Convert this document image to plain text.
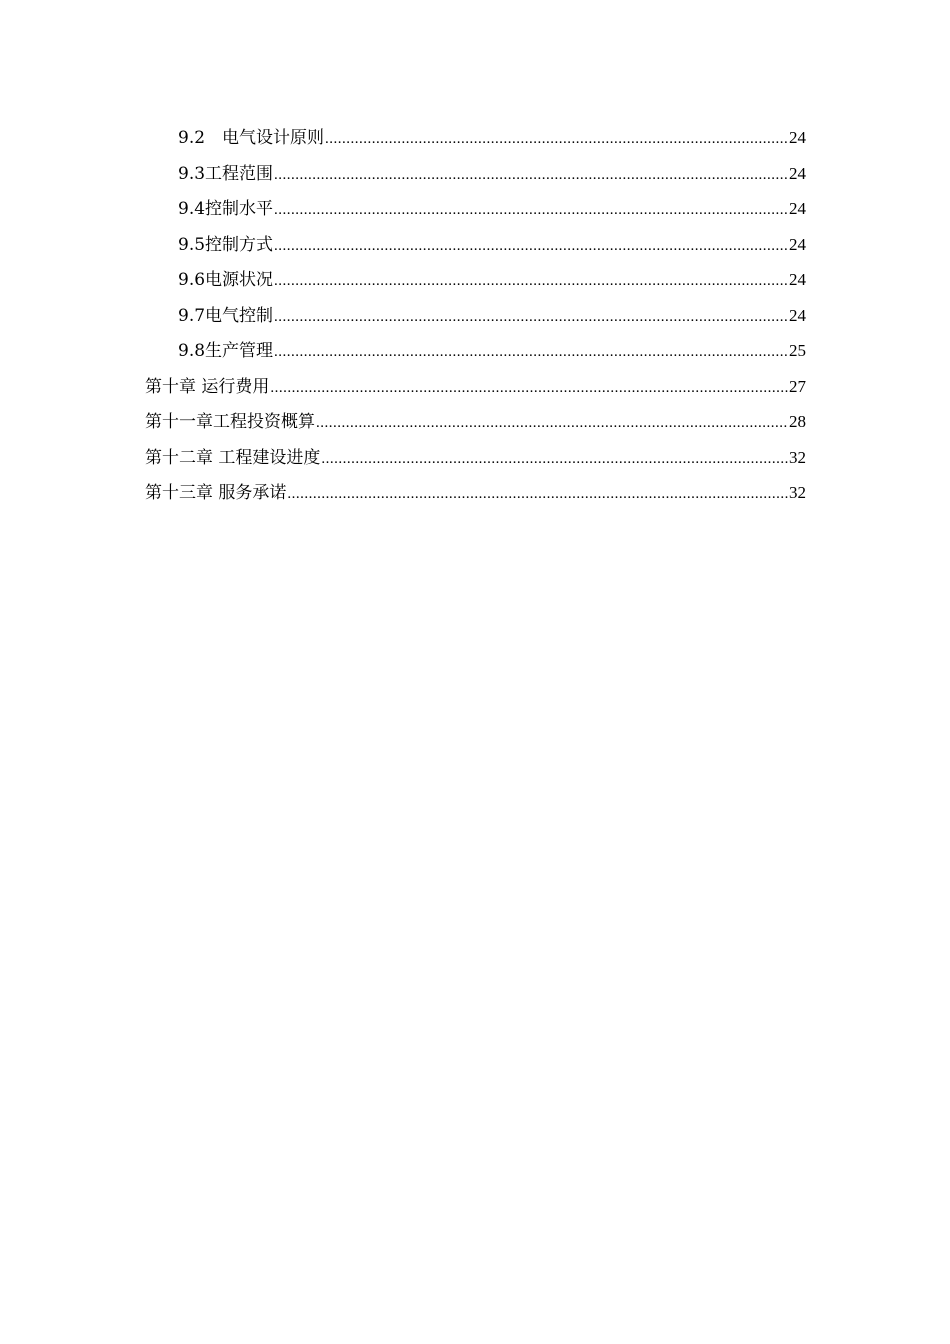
9.2　电气设计原则 .....	24
9.3工程范围 .....	24
9.4控制水平 .....	24
9.5控制方式 .....	24
9.6电源状况 .....	24
9.7电气控制 .....	24
9.8生产管理 .....	25
第十章 运行费用 .....	27
第十一章工程投资概算 .....	28
第十二章 工程建设进度 .....	32
第十三章 服务承诺 .....	32
